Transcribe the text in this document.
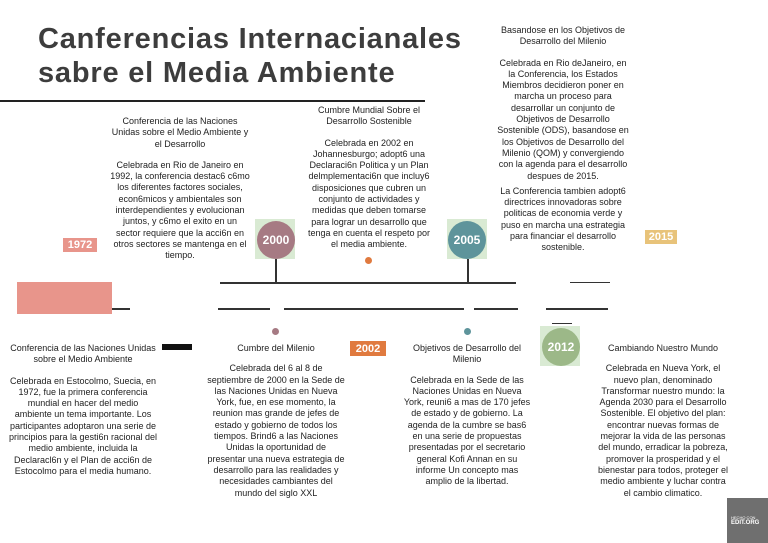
Canferencias Internacianales
sabre el Media Ambiente
Conferencia de las Naciones Unidas sobre el Medio Ambiente y el Desarrollo

Celebrada en Rio de Janeiro en 1992, la conferencia destac6 c6mo los diferentes factores sociales, econ6micos y ambientales son interdependientes y evolucionan juntos, y c6mo el exito en un sector requiere que la acci6n en otros sectores se mantenga en el tiempo.

Cumbre Mundial Sobre el Desarrollo Sostenible

Celebrada en 2002 en Johannesburgo; adopt6 una Declaraci6n Politica y un Plan delmplementaci6n que incluy6 disposiciones que cubren un conjunto de actividades y medidas que deben tomarse para lograr un desarrollo que tenga en cuenta el respeto por el media ambiente.

Basandose en los Objetivos de Desarrollo del Milenio

Celebrada en Rio deJaneiro, en la Conferencia, los Estados Miembros decidieron poner en marcha un proceso para desarrollar un conjunto de Objetivos de Desarrollo Sostenible (ODS), basandose en los Objetivos de Desarrollo del Milenio (QOM) y convergiendo con la agenda para el desarrollo despues de 2015.

La Conferencia tambien adopt6 directrices innovadoras sobre politicas de economia verde y puso en marcha una estrategia para financiar el desarrollo sostenible.

1972	2000
2002
2005
2012
2015
Conferencia de las Naciones Unidas sobre el Medio Ambiente

Celebrada en Estocolmo, Suecia, en 1972, fue la primera conferencia mundial en hacer del medio ambiente un tema importante. Los participantes adoptaron una serie de principios para la gesti6n racional del medio ambiente, incluida la Declaracl6n y el Plan de acci6n de Estocolmo para el media humano.

Cumbre del Milenio

Celebrada del 6 al 8 de septiembre de 2000 en la Sede de las Naciones Unidas en Nueva York, fue, en ese momento, la reunion mas grande de jefes de estado y gobierno de todos los tiempos. Brind6 a las Naciones Unidas la oportunidad de presentar una nueva estrategia de desarrollo para las realidades y necesidades cambiantes del mundo del siglo XXL

Objetivos de Desarrollo del Milenio

Celebrada en la Sede de las Naciones Unidas en Nueva York, reuni6 a mas de 170 jefes de estado y de gobierno. La agenda de la cumbre se bas6 en una serie de propuestas presentadas por el secretario general Kofi Annan en su informe Un concepto mas amplio de la libertad.

Cambiando Nuestro Mundo

Celebrada en Nueva York, el nuevo plan, denominado Transformar nuestro mundo: la Agenda 2030 para el Desarrollo Sostenible. El objetivo del plan: encontrar nuevas formas de mejorar la vida de las personas del mundo, erradicar la pobreza, promover la prosperidad y el bienestar para todos, proteger el medio ambiente y luchar contra el cambio climatico.

HECHO CON
EDIT.ORG
